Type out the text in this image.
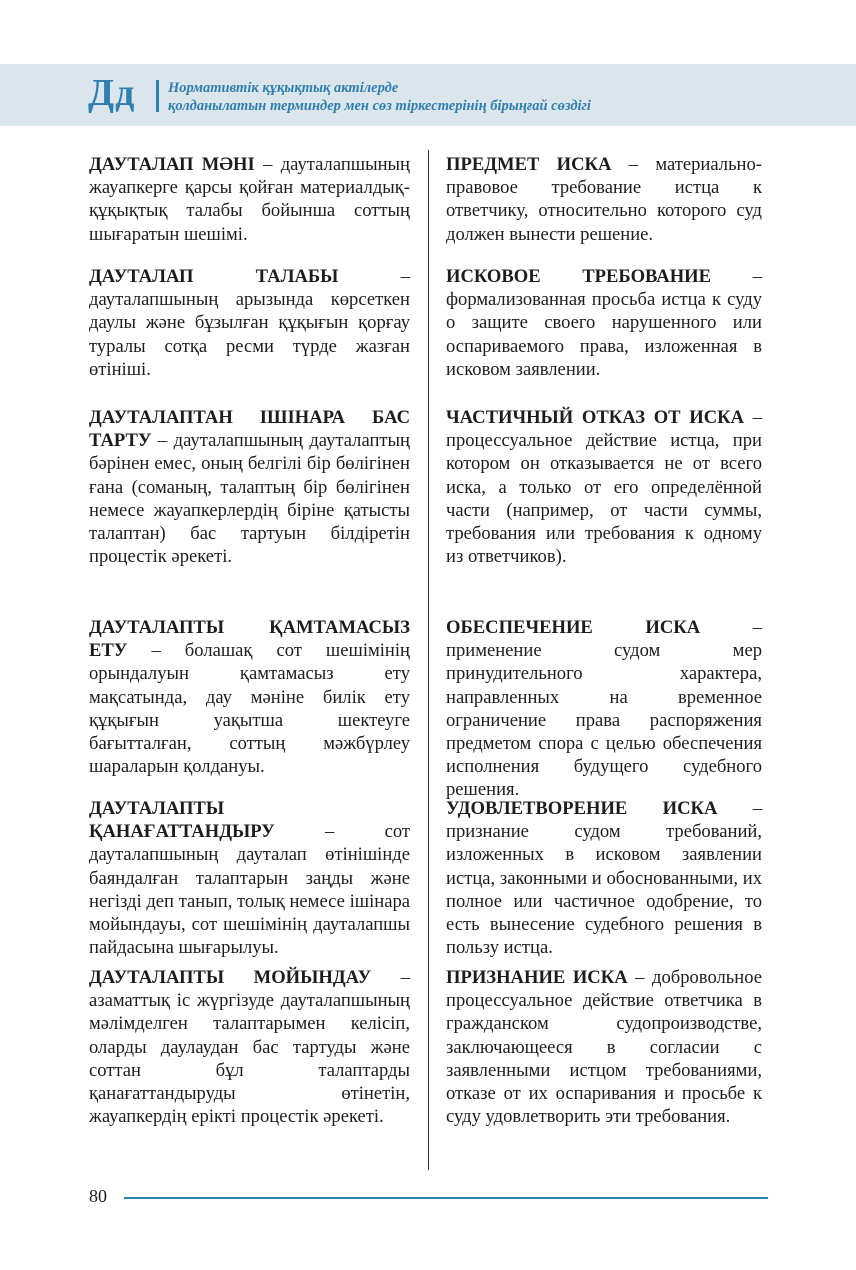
Дд Нормативтік құқықтық актілерде
қолданылатын терминдер мен сөз тіркестерінің бірыңғай сөздігі
ДАУТАЛАП МӘНІ – дауталапшының жауапкерге қарсы қойған материалдық-құқықтық талабы бойынша соттың шығаратын шешімі.
ДАУТАЛАП ТАЛАБЫ – дауталапшының арызында көрсеткен даулы және бұзылған құқығын қорғау туралы сотқа ресми түрде жазған өтініші.
ДАУТАЛАПТАН ІШІНАРА БАС ТАРТУ – дауталапшының дауталаптың бәрінен емес, оның белгілі бір бөлігінен ғана (соманың, талаптың бір бөлігінен немесе жауапкерлердің біріне қатысты талаптан) бас тартуын білдіретін процестік әрекеті.
ДАУТАЛАПТЫ ҚАМТАМАСЫЗ ЕТУ – болашақ сот шешімінің орындалуын қамтамасыз ету мақсатында, дау мәніне билік ету құқығын уақытша шектеуге бағытталған, соттың мәжбүрлеу шараларын қолдануы.
ДАУТАЛАПТЫ ҚАНАҒАТТАНДЫРУ – сот дауталапшының дауталап өтінішінде баяндалған талаптарын заңды және негізді деп танып, толық немесе ішінара мойындауы, сот шешімінің дауталапшы пайдасына шығарылуы.
ДАУТАЛАПТЫ МОЙЫНДАУ – азаматтық іс жүргізуде дауталапшының мәлімделген талаптарымен келісіп, оларды даулаудан бас тартуды және соттан бұл талаптарды қанағаттандыруды өтінетін, жауапкердің ерікті процестік әрекеті.
ПРЕДМЕТ ИСКА – материально-правовое требование истца к ответчику, относительно которого суд должен вынести решение.
ИСКОВОЕ ТРЕБОВАНИЕ – формализованная просьба истца к суду о защите своего нарушенного или оспариваемого права, изложенная в исковом заявлении.
ЧАСТИЧНЫЙ ОТКАЗ ОТ ИСКА – процессуальное действие истца, при котором он отказывается не от всего иска, а только от его определённой части (например, от части суммы, требования или требования к одному из ответчиков).
ОБЕСПЕЧЕНИЕ ИСКА – применение судом мер принудительного характера, направленных на временное ограничение права распоряжения предметом спора с целью обеспечения исполнения будущего судебного решения.
УДОВЛЕТВОРЕНИЕ ИСКА – признание судом требований, изложенных в исковом заявлении истца, законными и обоснованными, их полное или частичное одобрение, то есть вынесение судебного решения в пользу истца.
ПРИЗНАНИЕ ИСКА – добровольное процессуальное действие ответчика в гражданском судопроизводстве, заключающееся в согласии с заявленными истцом требованиями, отказе от их оспаривания и просьбе к суду удовлетворить эти требования.
80
